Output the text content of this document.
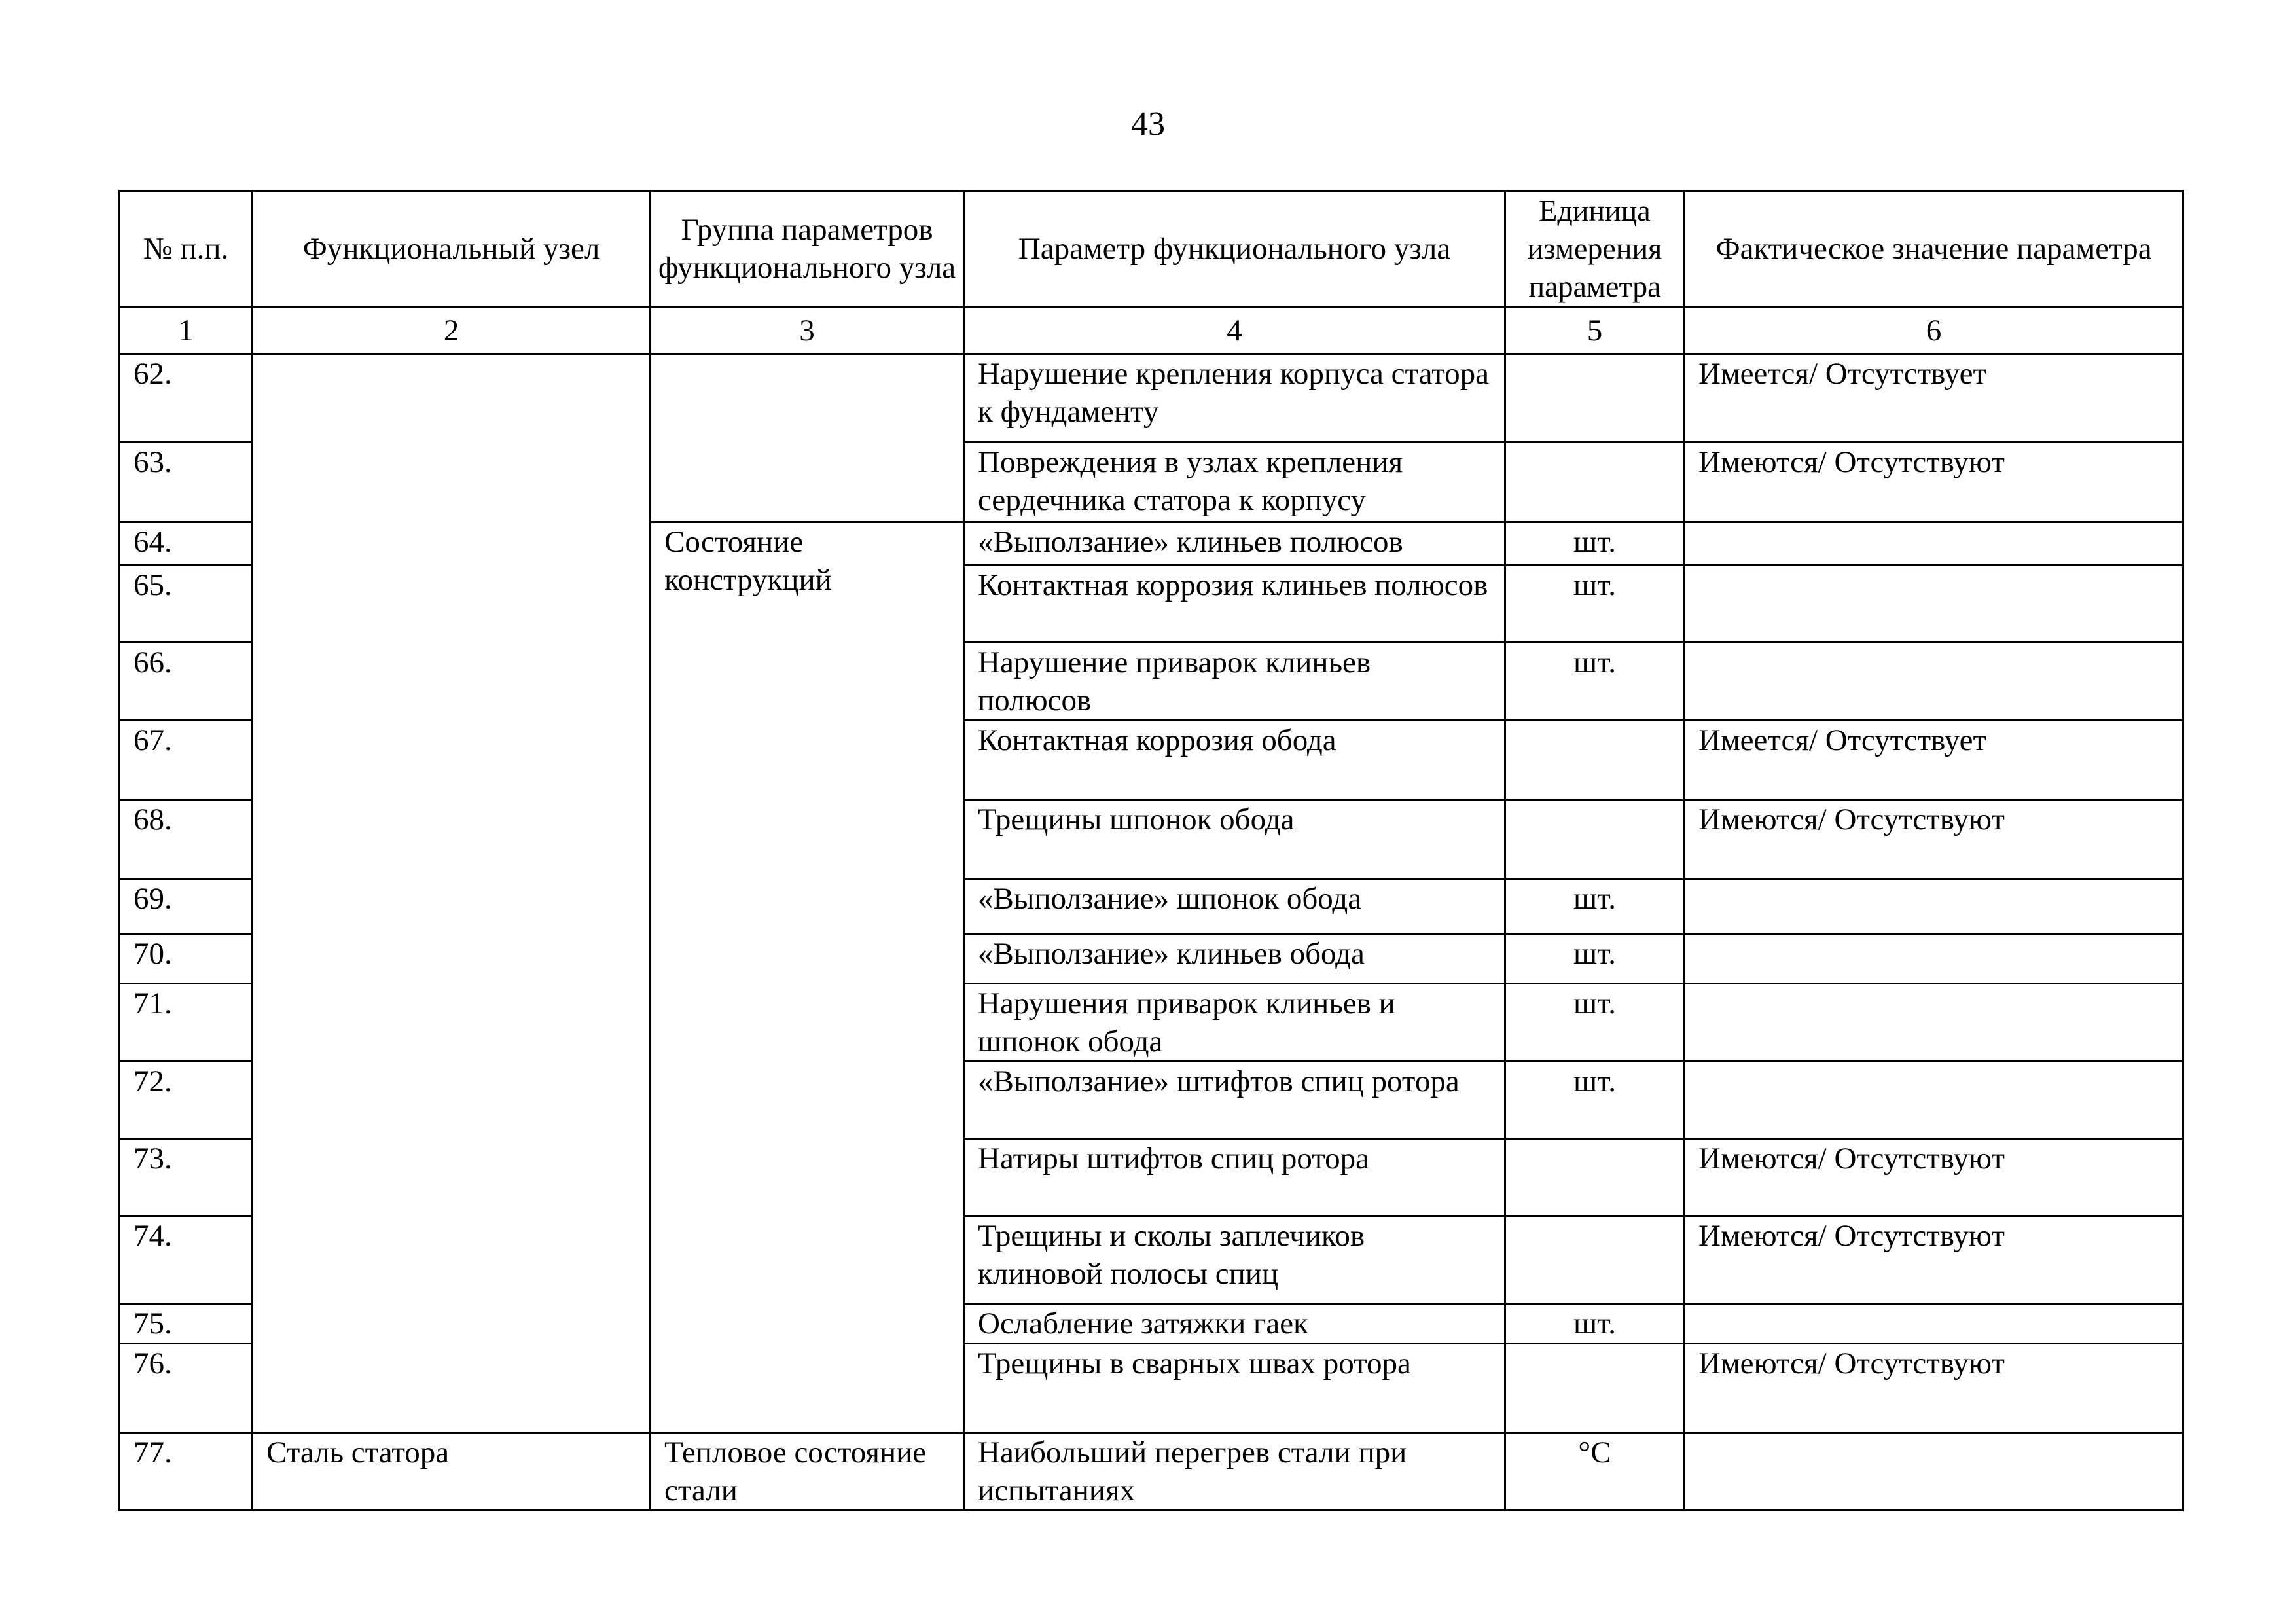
43
№ п.п.	Функциональный узел	Группа параметров функционального узла	Параметр функционального узла	Единица измерения параметра	Фактическое значение параметра
1	2	3	4	5	6
62.			Нарушение крепления корпуса статора к фундаменту		Имеется/ Отсутствует
63.			Повреждения в узлах крепления сердечника статора к корпусу		Имеются/ Отсутствуют
64.		Состояние конструкций	«Выползание» клиньев полюсов	шт.	
65.			Контактная коррозия клиньев полюсов	шт.	
66.			Нарушение приварок клиньев полюсов	шт.	
67.			Контактная коррозия обода		Имеется/ Отсутствует
68.			Трещины шпонок обода		Имеются/ Отсутствуют
69.			«Выползание» шпонок обода	шт.	
70.			«Выползание» клиньев обода	шт.	
71.			Нарушения приварок клиньев и шпонок обода	шт.	
72.			«Выползание» штифтов спиц ротора	шт.	
73.			Натиры штифтов спиц ротора		Имеются/ Отсутствуют
74.			Трещины и сколы заплечиков клиновой полосы спиц		Имеются/ Отсутствуют
75.			Ослабление затяжки гаек	шт.	
76.			Трещины в сварных швах ротора		Имеются/ Отсутствуют
77.	Сталь статора	Тепловое состояние стали	Наибольший перегрев стали при испытаниях	°C	
